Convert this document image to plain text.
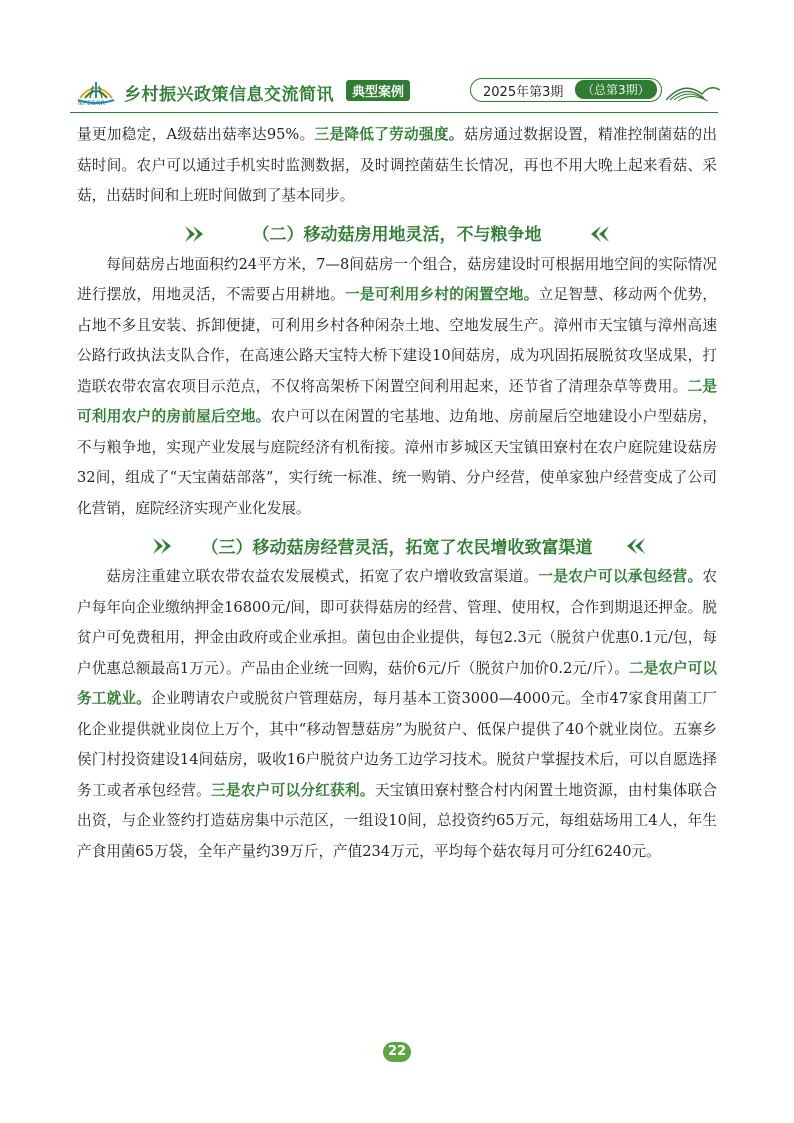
NPECRR 乡村振兴政策信息交流简讯	典型案例	2025年第3期	（总第3期）

量更加稳定，A级菇出菇率达95%。三是降低了劳动强度。菇房通过数据设置，精准控制菌菇的出菇时间。农户可以通过手机实时监测数据，及时调控菌菇生长情况，再也不用大晚上起来看菇、采菇，出菇时间和上班时间做到了基本同步。

（二）移动菇房用地灵活，不与粮争地

每间菇房占地面积约24平方米，7—8间菇房一个组合，菇房建设时可根据用地空间的实际情况进行摆放，用地灵活，不需要占用耕地。一是可利用乡村的闲置空地。立足智慧、移动两个优势，占地不多且安装、拆卸便捷，可利用乡村各种闲杂土地、空地发展生产。漳州市天宝镇与漳州高速公路行政执法支队合作，在高速公路天宝特大桥下建设10间菇房，成为巩固拓展脱贫攻坚成果，打造联农带农富农项目示范点，不仅将高架桥下闲置空间利用起来，还节省了清理杂草等费用。二是可利用农户的房前屋后空地。农户可以在闲置的宅基地、边角地、房前屋后空地建设小户型菇房，不与粮争地，实现产业发展与庭院经济有机衔接。漳州市芗城区天宝镇田寮村在农户庭院建设菇房32间，组成了“天宝菌菇部落”，实行统一标准、统一购销、分户经营，使单家独户经营变成了公司化营销，庭院经济实现产业化发展。

（三）移动菇房经营灵活，拓宽了农民增收致富渠道

菇房注重建立联农带农益农发展模式，拓宽了农户增收致富渠道。一是农户可以承包经营。农户每年向企业缴纳押金16800元/间，即可获得菇房的经营、管理、使用权，合作到期退还押金。脱贫户可免费租用，押金由政府或企业承担。菌包由企业提供，每包2.3元（脱贫户优惠0.1元/包，每户优惠总额最高1万元）。产品由企业统一回购，菇价6元/斤（脱贫户加价0.2元/斤）。二是农户可以务工就业。企业聘请农户或脱贫户管理菇房，每月基本工资3000—4000元。全市47家食用菌工厂化企业提供就业岗位上万个，其中“移动智慧菇房”为脱贫户、低保户提供了40个就业岗位。五寨乡侯门村投资建设14间菇房，吸收16户脱贫户边务工边学习技术。脱贫户掌握技术后，可以自愿选择务工或者承包经营。三是农户可以分红获利。天宝镇田寮村整合村内闲置土地资源，由村集体联合出资，与企业签约打造菇房集中示范区，一组设10间，总投资约65万元，每组菇场用工4人，年生产食用菌65万袋，全年产量约39万斤，产值234万元，平均每个菇农每月可分红6240元。

22
